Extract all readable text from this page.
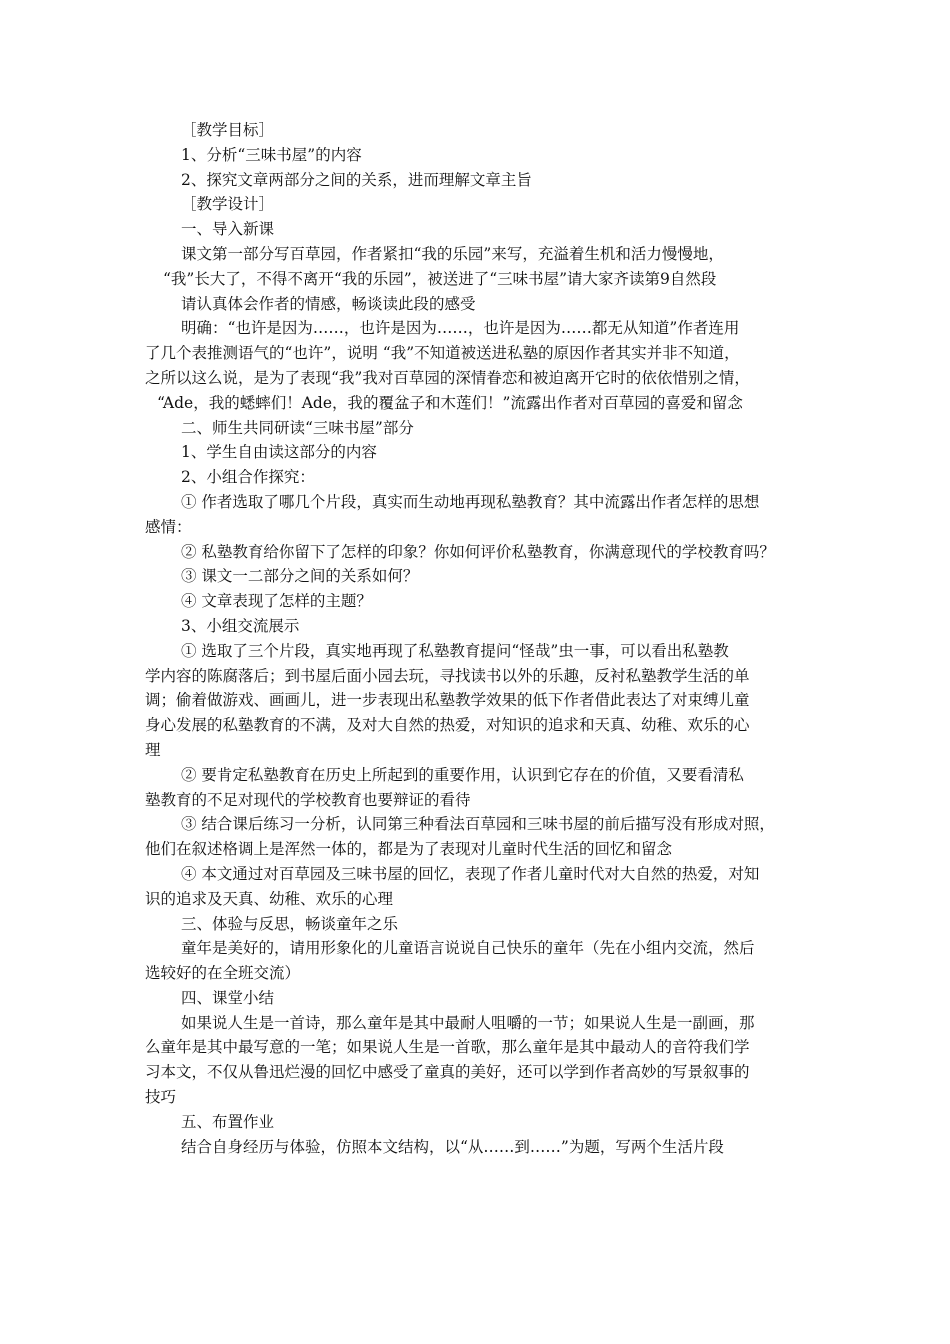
［教学目标］

1、分析“三味书屋”的内容

2、探究文章两部分之间的关系，进而理解文章主旨

［教学设计］

一、导入新课

课文第一部分写百草园，作者紧扣“我的乐园”来写，充溢着生机和活力慢慢地，

“我”长大了，不得不离开“我的乐园”，被送进了“三味书屋”请大家齐读第9自然段

请认真体会作者的情感，畅谈读此段的感受

明确：“也许是因为……，也许是因为……，也许是因为……都无从知道”作者连用

了几个表推测语气的“也许”，说明 “我”不知道被送进私塾的原因作者其实并非不知道，

之所以这么说，是为了表现“我”我对百草园的深情眷恋和被迫离开它时的依依惜别之情，

“Ade，我的蟋蟀们！Ade，我的覆盆子和木莲们！”流露出作者对百草园的喜爱和留念

二、师生共同研读“三味书屋”部分

1、学生自由读这部分的内容

2、小组合作探究：

① 作者选取了哪几个片段，真实而生动地再现私塾教育？其中流露出作者怎样的思想

感情：

② 私塾教育给你留下了怎样的印象？你如何评价私塾教育，你满意现代的学校教育吗？

③ 课文一二部分之间的关系如何？

④ 文章表现了怎样的主题？

3、小组交流展示

① 选取了三个片段，真实地再现了私塾教育提问“怪哉”虫一事，可以看出私塾教

学内容的陈腐落后；到书屋后面小园去玩，寻找读书以外的乐趣，反衬私塾教学生活的单

调；偷着做游戏、画画儿，进一步表现出私塾教学效果的低下作者借此表达了对束缚儿童

身心发展的私塾教育的不满，及对大自然的热爱，对知识的追求和天真、幼稚、欢乐的心

理

② 要肯定私塾教育在历史上所起到的重要作用，认识到它存在的价值，又要看清私

塾教育的不足对现代的学校教育也要辩证的看待

③ 结合课后练习一分析，认同第三种看法百草园和三味书屋的前后描写没有形成对照，

他们在叙述格调上是浑然一体的，都是为了表现对儿童时代生活的回忆和留念

④ 本文通过对百草园及三味书屋的回忆，表现了作者儿童时代对大自然的热爱，对知

识的追求及天真、幼稚、欢乐的心理

三、体验与反思，畅谈童年之乐

童年是美好的，请用形象化的儿童语言说说自己快乐的童年（先在小组内交流，然后

选较好的在全班交流）

四、课堂小结

如果说人生是一首诗，那么童年是其中最耐人咀嚼的一节；如果说人生是一副画，那

么童年是其中最写意的一笔；如果说人生是一首歌，那么童年是其中最动人的音符我们学

习本文，不仅从鲁迅烂漫的回忆中感受了童真的美好，还可以学到作者高妙的写景叙事的

技巧

五、布置作业

结合自身经历与体验，仿照本文结构，以“从……到……”为题，写两个生活片段
